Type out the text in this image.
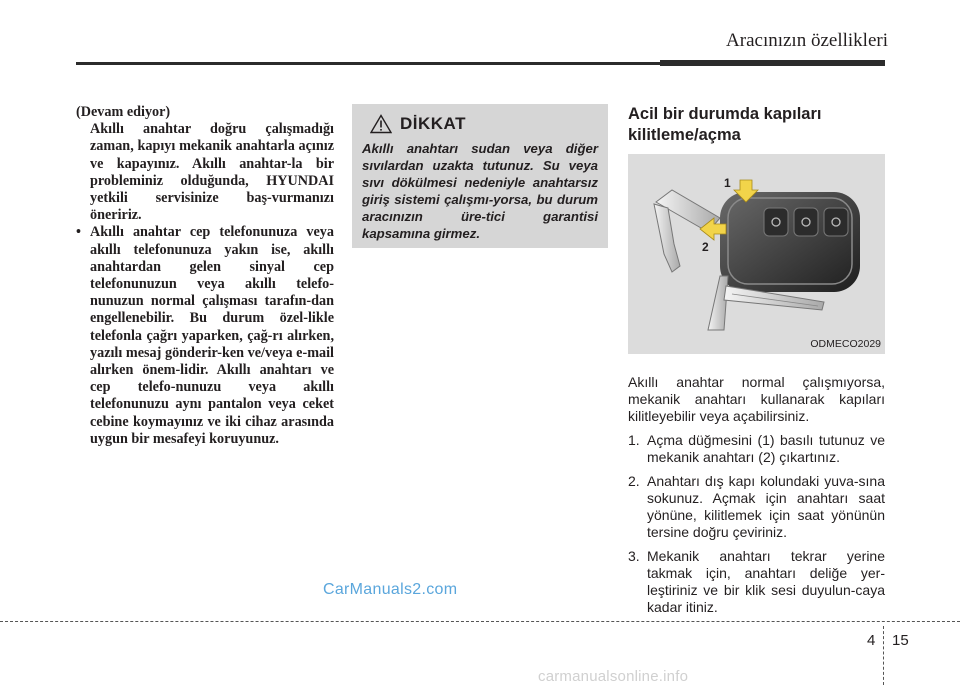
Aracınızın özellikleri
(Devam ediyor)
Akıllı anahtar doğru çalışmadığı zaman, kapıyı mekanik anahtarla açınız ve kapayınız. Akıllı anahtar-la bir probleminiz olduğunda, HYUNDAI yetkili servisinize baş-vurmanızı öneririz.
• Akıllı anahtar cep telefonunuza veya akıllı telefonunuza yakın ise, akıllı anahtardan gelen sinyal cep telefonunuzun veya akıllı telefo-nunuzun normal çalışması tarafın-dan engellenebilir. Bu durum özel-likle telefonla çağrı yaparken, çağ-rı alırken, yazılı mesaj gönderir-ken ve/veya e-mail alırken önem-lidir. Akıllı anahtarı ve cep telefo-nunuzu veya akıllı telefonunuzu aynı pantalon veya ceket cebine koymayınız ve iki cihaz arasında uygun bir mesafeyi koruyunuz.
DİKKAT
Akıllı anahtarı sudan veya diğer sıvılardan uzakta tutunuz. Su veya sıvı dökülmesi nedeniyle anahtarsız giriş sistemi çalışmı-yorsa, bu durum aracınızın üre-tici garantisi kapsamına girmez.
Acil bir durumda kapıları kilitleme/açma
1
2
ODMECO2029
Akıllı anahtar normal çalışmıyorsa, mekanik anahtarı kullanarak kapıları kilitleyebilir veya açabilirsiniz.
1. Açma düğmesini (1) basılı tutunuz ve mekanik anahtarı (2) çıkartınız.
2. Anahtarı dış kapı kolundaki yuva-sına sokunuz. Açmak için anahtarı saat yönüne, kilitlemek için saat yönünün tersine doğru çeviriniz.
3. Mekanik anahtarı tekrar yerine takmak için, anahtarı deliğe yer-leştiriniz ve bir klik sesi duyulun-caya kadar itiniz.
CarManuals2.com
4 15
carmanualsonline.info
